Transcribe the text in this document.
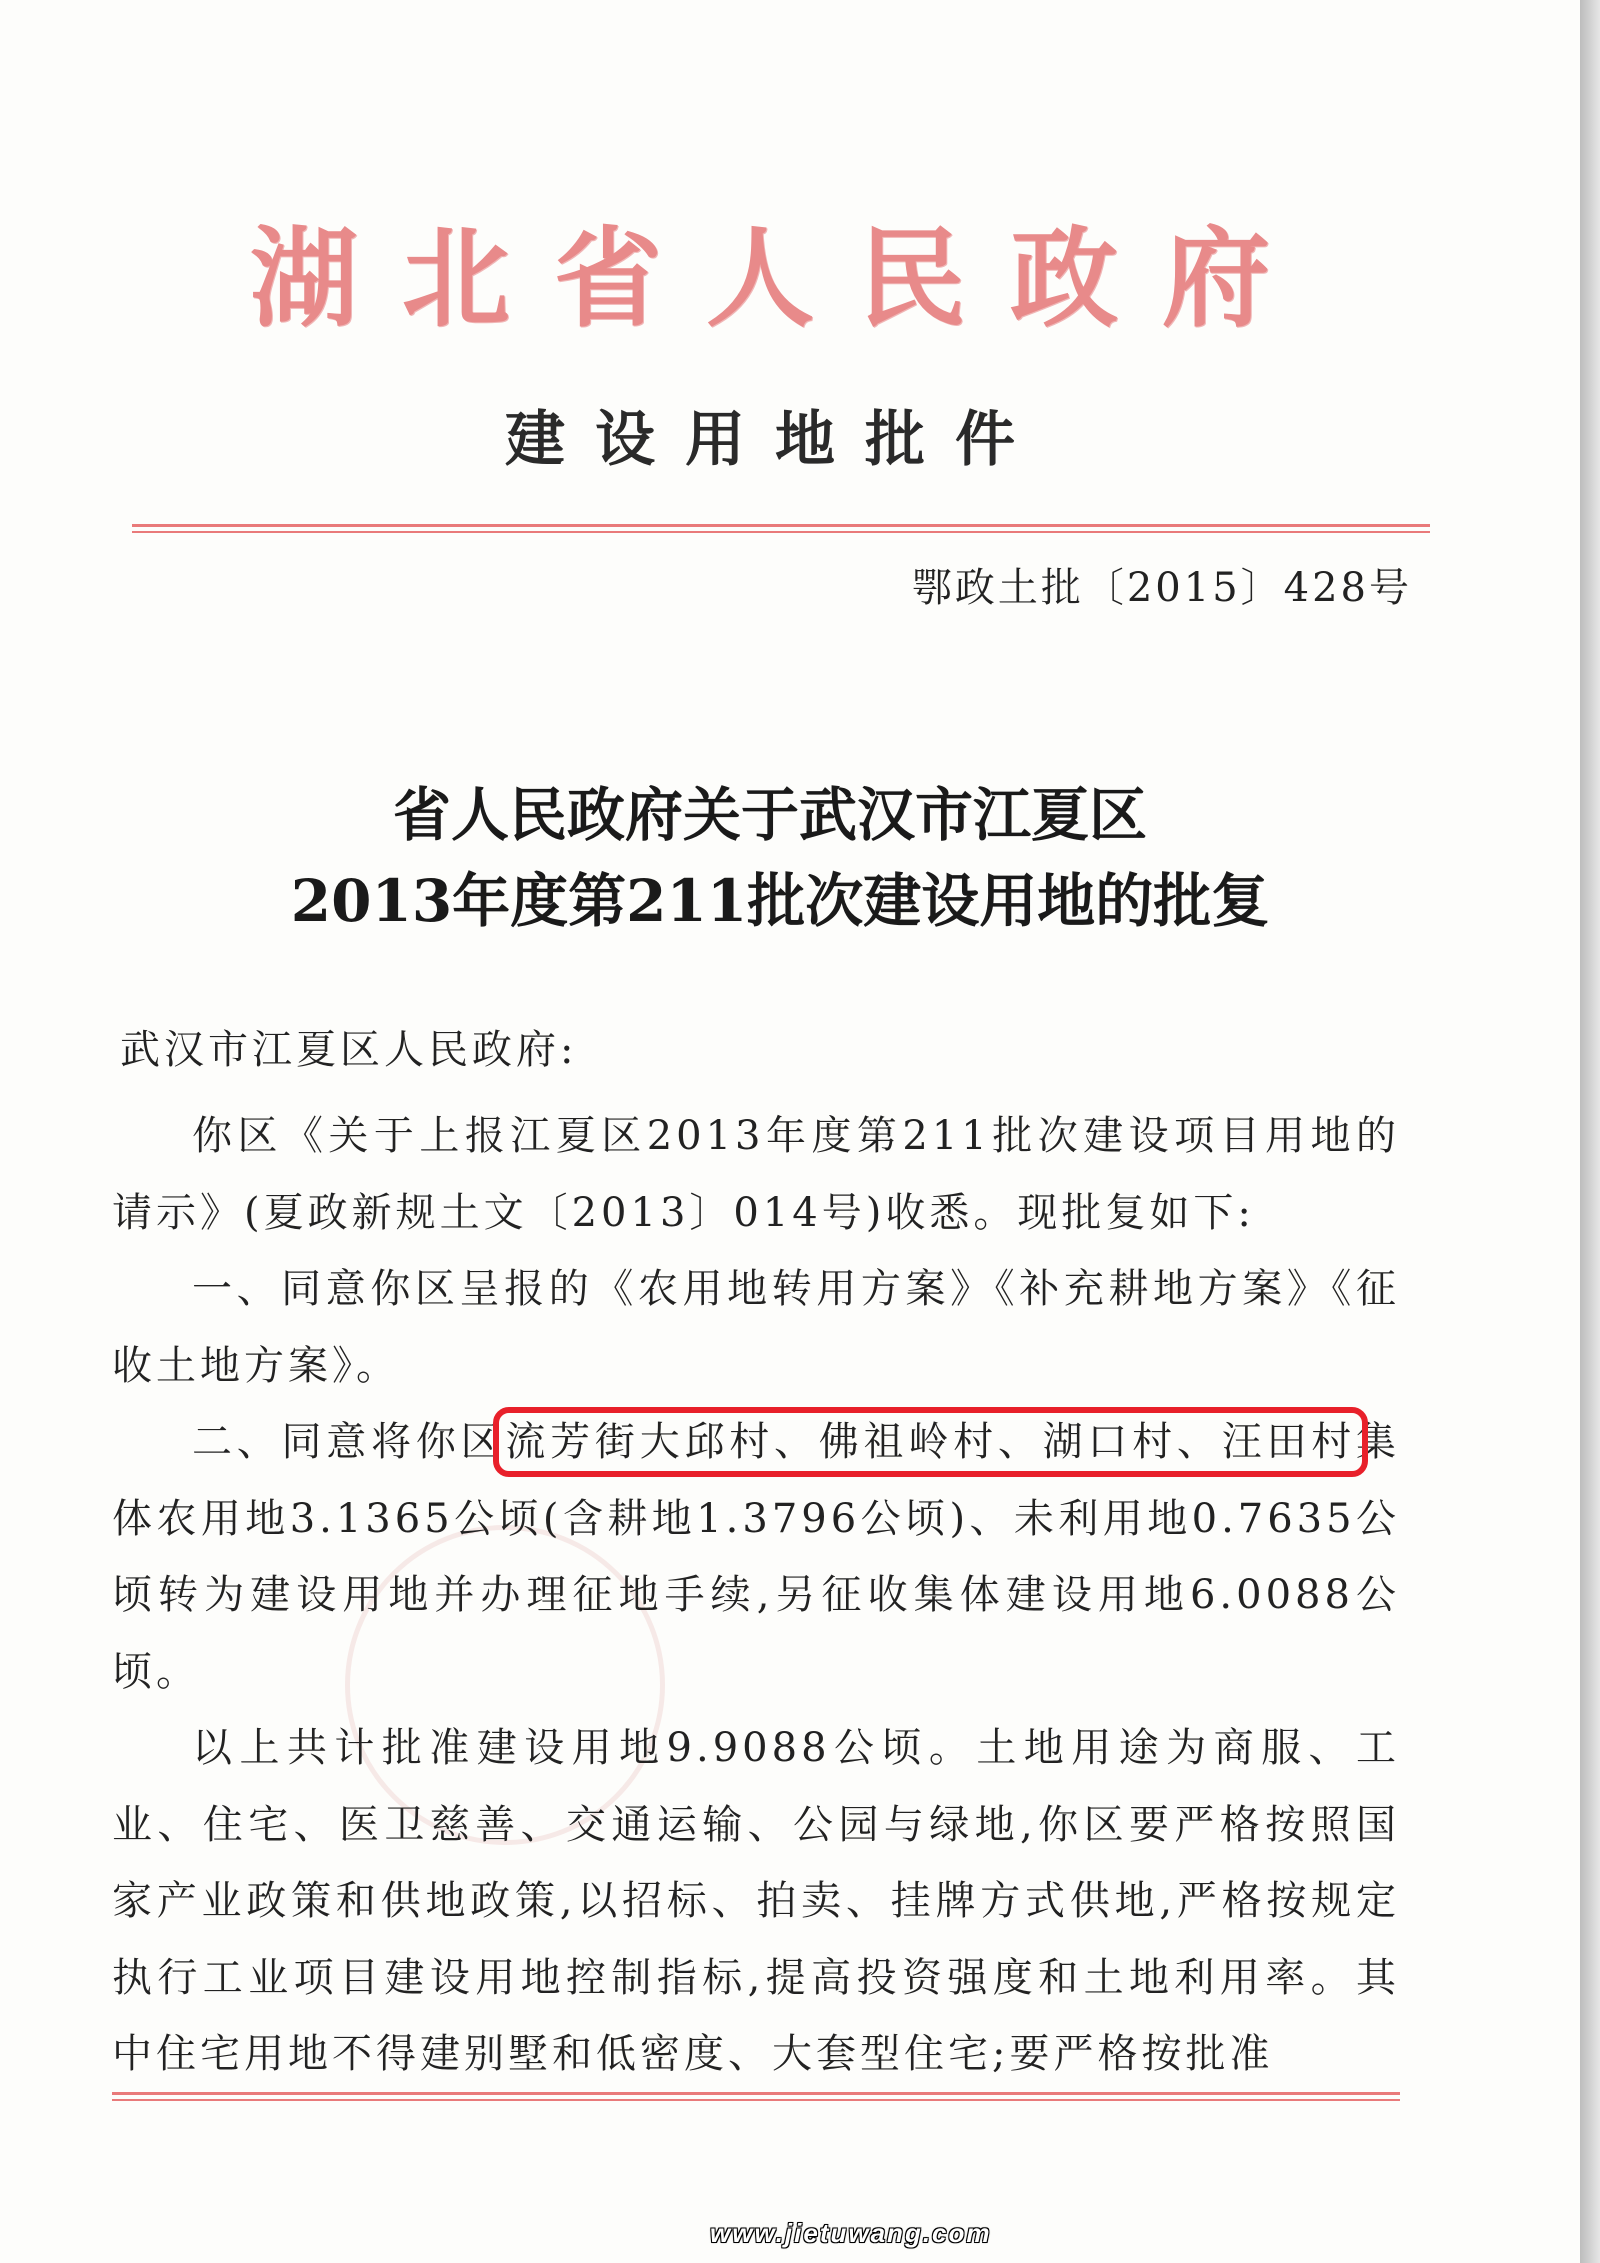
湖北省人民政府
建设用地批件
鄂政土批〔2015〕428号
省人民政府关于武汉市江夏区
2013年度第211批次建设用地的批复
武汉市江夏区人民政府:

你区《关于上报江夏区2013年度第211批次建设项目用地的请示》(夏政新规土文〔2013〕014号)收悉。现批复如下:

一、同意你区呈报的《农用地转用方案》《补充耕地方案》《征收土地方案》。

二、同意将你区流芳街大邱村、佛祖岭村、湖口村、汪田村集体农用地3.1365公顷(含耕地1.3796公顷)、未利用地0.7635公顷转为建设用地并办理征地手续,另征收集体建设用地6.0088公顷。

以上共计批准建设用地9.9088公顷。土地用途为商服、工业、住宅、医卫慈善、交通运输、公园与绿地,你区要严格按照国家产业政策和供地政策,以招标、拍卖、挂牌方式供地,严格按规定执行工业项目建设用地控制指标,提高投资强度和土地利用率。其中住宅用地不得建别墅和低密度、大套型住宅;要严格按批准

www.jietuwang.com
